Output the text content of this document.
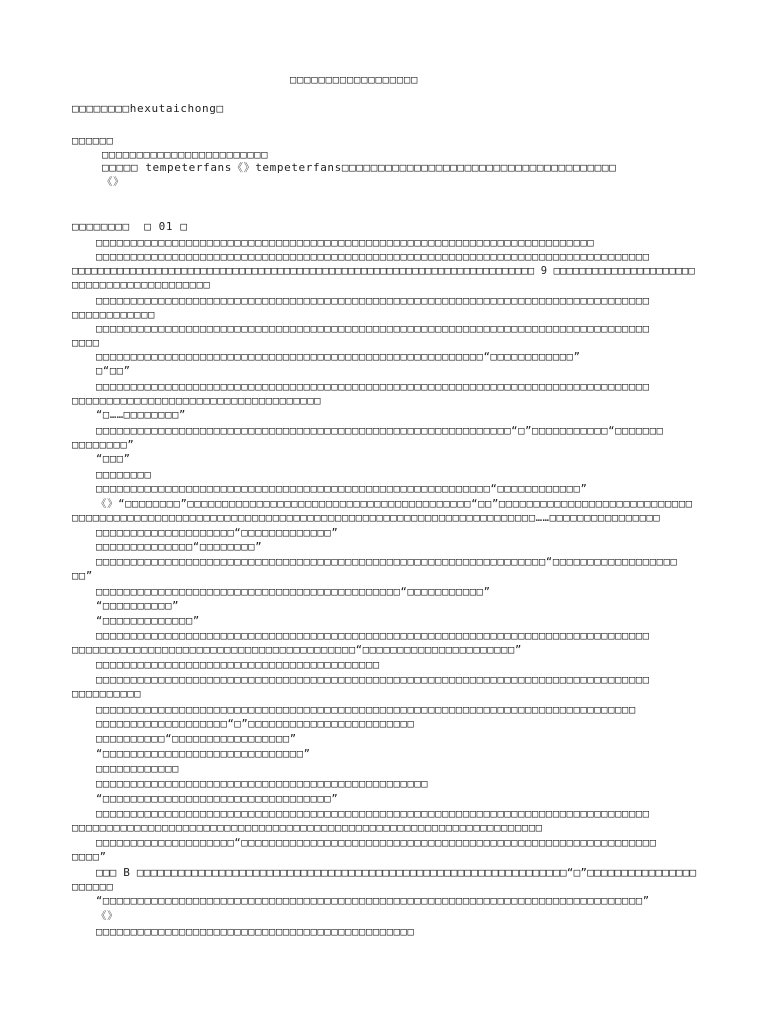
□□□□□□□□□□□□□□□□□□
□□□□□□□□hexutaichong□
□□□□□□
□□□□□□□□□□□□□□□□□□□□□□□□
□□□□□ tempeterfans《》tempeterfans□□□□□□□□□□□□□□□□□□□□□□□□□□□□□□□□□□□□□□
《》
□□□□□□□□  □ 01 □
□□□□□□□□□□□□□□□□□□□□□□□□□□□□□□□□□□□□□□□□□□□□□□□□□□□□□□□□□□□□□□□□□□□□□□□□
□□□□□□□□□□□□□□□□□□□□□□□□□□□□□□□□□□□□□□□□□□□□□□□□□□□□□□□□□□□□□□□□□□□□□□□□□□□□□□□□
□□□□□□□□□□□□□□□□□□□□□□□□□□□□□□□□□□□□□□□□□□□□□□□□□□□□□□□□□□□□□□□□□□□□□□□□ 9 □□□□□□□□□□□□□□□□□□□□□□
□□□□□□□□□□□□□□□□□□□□
□□□□□□□□□□□□□□□□□□□□□□□□□□□□□□□□□□□□□□□□□□□□□□□□□□□□□□□□□□□□□□□□□□□□□□□□□□□□□□□□
□□□□□□□□□□□□
□□□□□□□□□□□□□□□□□□□□□□□□□□□□□□□□□□□□□□□□□□□□□□□□□□□□□□□□□□□□□□□□□□□□□□□□□□□□□□□□
□□□□
□□□□□□□□□□□□□□□□□□□□□□□□□□□□□□□□□□□□□□□□□□□□□□□□□□□□□□□□“□□□□□□□□□□□□”
□“□□”
□□□□□□□□□□□□□□□□□□□□□□□□□□□□□□□□□□□□□□□□□□□□□□□□□□□□□□□□□□□□□□□□□□□□□□□□□□□□□□□□
□□□□□□□□□□□□□□□□□□□□□□□□□□□□□□□□□□□□
“□……□□□□□□□□”
□□□□□□□□□□□□□□□□□□□□□□□□□□□□□□□□□□□□□□□□□□□□□□□□□□□□□□□□□□□□“□”□□□□□□□□□□□“□□□□□□□
□□□□□□□□”
“□□□”
□□□□□□□□
□□□□□□□□□□□□□□□□□□□□□□□□□□□□□□□□□□□□□□□□□□□□□□□□□□□□□□□□□“□□□□□□□□□□□□”
《》“□□□□□□□□”□□□□□□□□□□□□□□□□□□□□□□□□□□□□□□□□□□□□□□□□□“□□”□□□□□□□□□□□□□□□□□□□□□□□□□□□□
□□□□□□□□□□□□□□□□□□□□□□□□□□□□□□□□□□□□□□□□□□□□□□□□□□□□□□□□□□□□□□□□□□□……□□□□□□□□□□□□□□□□
□□□□□□□□□□□□□□□□□□□□“□□□□□□□□□□□□□”
□□□□□□□□□□□□□□“□□□□□□□□”
□□□□□□□□□□□□□□□□□□□□□□□□□□□□□□□□□□□□□□□□□□□□□□□□□□□□□□□□□□□□□□□□□“□□□□□□□□□□□□□□□□□□
□□”
□□□□□□□□□□□□□□□□□□□□□□□□□□□□□□□□□□□□□□□□□□□□“□□□□□□□□□□□”
“□□□□□□□□□□”
“□□□□□□□□□□□□□”
□□□□□□□□□□□□□□□□□□□□□□□□□□□□□□□□□□□□□□□□□□□□□□□□□□□□□□□□□□□□□□□□□□□□□□□□□□□□□□□□
□□□□□□□□□□□□□□□□□□□□□□□□□□□□□□□□□□□□□□□□□“□□□□□□□□□□□□□□□□□□□□□□”
□□□□□□□□□□□□□□□□□□□□□□□□□□□□□□□□□□□□□□□□□
□□□□□□□□□□□□□□□□□□□□□□□□□□□□□□□□□□□□□□□□□□□□□□□□□□□□□□□□□□□□□□□□□□□□□□□□□□□□□□□□
□□□□□□□□□□
□□□□□□□□□□□□□□□□□□□□□□□□□□□□□□□□□□□□□□□□□□□□□□□□□□□□□□□□□□□□□□□□□□□□□□□□□□□□□□
□□□□□□□□□□□□□□□□□□□“□”□□□□□□□□□□□□□□□□□□□□□□□□
□□□□□□□□□□“□□□□□□□□□□□□□□□□□”
“□□□□□□□□□□□□□□□□□□□□□□□□□□□□□”
□□□□□□□□□□□□
□□□□□□□□□□□□□□□□□□□□□□□□□□□□□□□□□□□□□□□□□□□□□□□□
“□□□□□□□□□□□□□□□□□□□□□□□□□□□□□□□□□”
□□□□□□□□□□□□□□□□□□□□□□□□□□□□□□□□□□□□□□□□□□□□□□□□□□□□□□□□□□□□□□□□□□□□□□□□□□□□□□□□
□□□□□□□□□□□□□□□□□□□□□□□□□□□□□□□□□□□□□□□□□□□□□□□□□□□□□□□□□□□□□□□□□□□□
□□□□□□□□□□□□□□□□□□□□“□□□□□□□□□□□□□□□□□□□□□□□□□□□□□□□□□□□□□□□□□□□□□□□□□□□□□□□□□□□□
□□□□”
□□□ B □□□□□□□□□□□□□□□□□□□□□□□□□□□□□□□□□□□□□□□□□□□□□□□□□□□□□□□□□□□□□□□“□”□□□□□□□□□□□□□□□□
□□□□□□
“□□□□□□□□□□□□□□□□□□□□□□□□□□□□□□□□□□□□□□□□□□□□□□□□□□□□□□□□□□□□□□□□□□□□□□□□□□□□□□”
《》
□□□□□□□□□□□□□□□□□□□□□□□□□□□□□□□□□□□□□□□□□□□□□□
